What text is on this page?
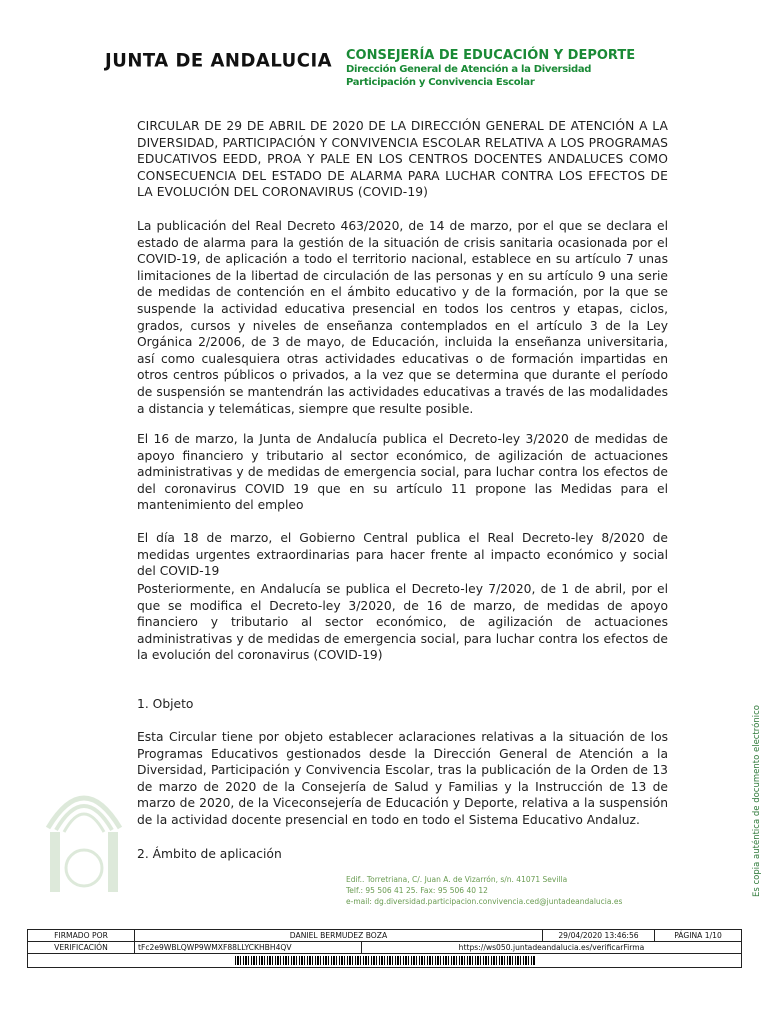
JUNTA DE ANDALUCIA CONSEJERÍA DE EDUCACIÓN Y DEPORTE
Dirección General de Atención a la Diversidad
Participación y Convivencia Escolar
CIRCULAR DE 29 DE ABRIL DE 2020 DE LA DIRECCIÓN GENERAL DE ATENCIÓN A LA DIVERSIDAD, PARTICIPACIÓN Y CONVIVENCIA ESCOLAR RELATIVA A LOS PROGRAMAS EDUCATIVOS EEDD, PROA Y PALE EN LOS CENTROS DOCENTES ANDALUCES COMO CONSECUENCIA DEL ESTADO DE ALARMA PARA LUCHAR CONTRA LOS EFECTOS DE LA EVOLUCIÓN DEL CORONAVIRUS (COVID-19)
La publicación del Real Decreto 463/2020, de 14 de marzo, por el que se declara el estado de alarma para la gestión de la situación de crisis sanitaria ocasionada por el COVID-19, de aplicación a todo el territorio nacional, establece en su artículo 7 unas limitaciones de la libertad de circulación de las personas y en su artículo 9 una serie de medidas de contención en el ámbito educativo y de la formación, por la que se suspende la actividad educativa presencial en todos los centros y etapas, ciclos, grados, cursos y niveles de enseñanza contemplados en el artículo 3 de la Ley Orgánica 2/2006, de 3 de mayo, de Educación, incluida la enseñanza universitaria, así como cualesquiera otras actividades educativas o de formación impartidas en otros centros públicos o privados, a la vez que se determina que durante el período de suspensión se mantendrán las actividades educativas a través de las modalidades a distancia y telemáticas, siempre que resulte posible.
El 16 de marzo, la Junta de Andalucía publica el Decreto-ley 3/2020 de medidas de apoyo financiero y tributario al sector económico, de agilización de actuaciones administrativas y de medidas de emergencia social, para luchar contra los efectos de del coronavirus COVID 19 que en su artículo 11 propone las Medidas para el mantenimiento del empleo
El día 18 de marzo, el Gobierno Central publica el Real Decreto-ley 8/2020 de medidas urgentes extraordinarias para hacer frente al impacto económico y social del COVID-19
Posteriormente, en Andalucía se publica el Decreto-ley 7/2020, de 1 de abril, por el que se modifica el Decreto-ley 3/2020, de 16 de marzo, de medidas de apoyo financiero y tributario al sector económico, de agilización de actuaciones administrativas y de medidas de emergencia social, para luchar contra los efectos de la evolución del coronavirus (COVID-19)
1. Objeto
Esta Circular tiene por objeto establecer aclaraciones relativas a la situación de los Programas Educativos gestionados desde la Dirección General de Atención a la Diversidad, Participación y Convivencia Escolar, tras la publicación de la Orden de 13 de marzo de 2020 de la Consejería de Salud y Familias y la Instrucción de 13 de marzo de 2020, de la Viceconsejería de Educación y Deporte, relativa a la suspensión de la actividad docente presencial en todo en todo el Sistema Educativo Andaluz.
2. Ámbito de aplicación
Edif.. Torretriana, C/. Juan A. de Vizarrón, s/n. 41071 Sevilla
Telf.: 95 506 41 25. Fax: 95 506 40 12
e-mail: dg.diversidad.participacion.convivencia.ced@juntadeandalucia.es
Es copia auténtica de documento electrónico
FIRMADO POR	DANIEL BERMUDEZ BOZA		29/04/2020 13:46:56	PÁGINA 1/10
VERIFICACIÓN	tFc2e9WBLQWP9WMXF88LLYCKHBH4QV	https://ws050.juntadeandalucia.es/verificarFirma		
